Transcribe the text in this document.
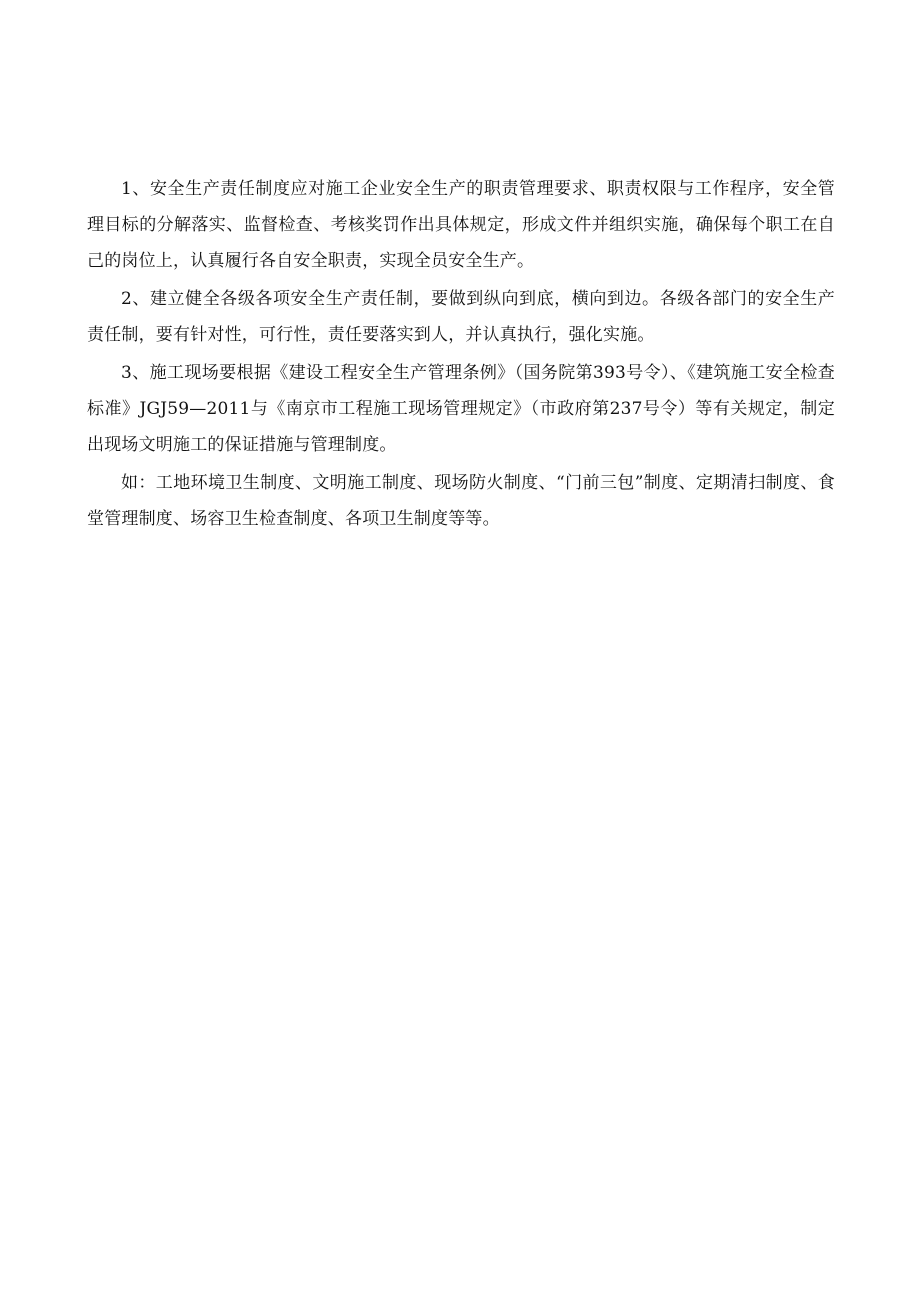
1、安全生产责任制度应对施工企业安全生产的职责管理要求、职责权限与工作程序，安全管理目标的分解落实、监督检查、考核奖罚作出具体规定，形成文件并组织实施，确保每个职工在自己的岗位上，认真履行各自安全职责，实现全员安全生产。

2、建立健全各级各项安全生产责任制，要做到纵向到底，横向到边。各级各部门的安全生产责任制，要有针对性，可行性，责任要落实到人，并认真执行，强化实施。

3、施工现场要根据《建设工程安全生产管理条例》（国务院第393号令）、《建筑施工安全检查标准》JGJ59—2011与《南京市工程施工现场管理规定》（市政府第237号令）等有关规定，制定出现场文明施工的保证措施与管理制度。

如：工地环境卫生制度、文明施工制度、现场防火制度、“门前三包”制度、定期清扫制度、食堂管理制度、场容卫生检查制度、各项卫生制度等等。
